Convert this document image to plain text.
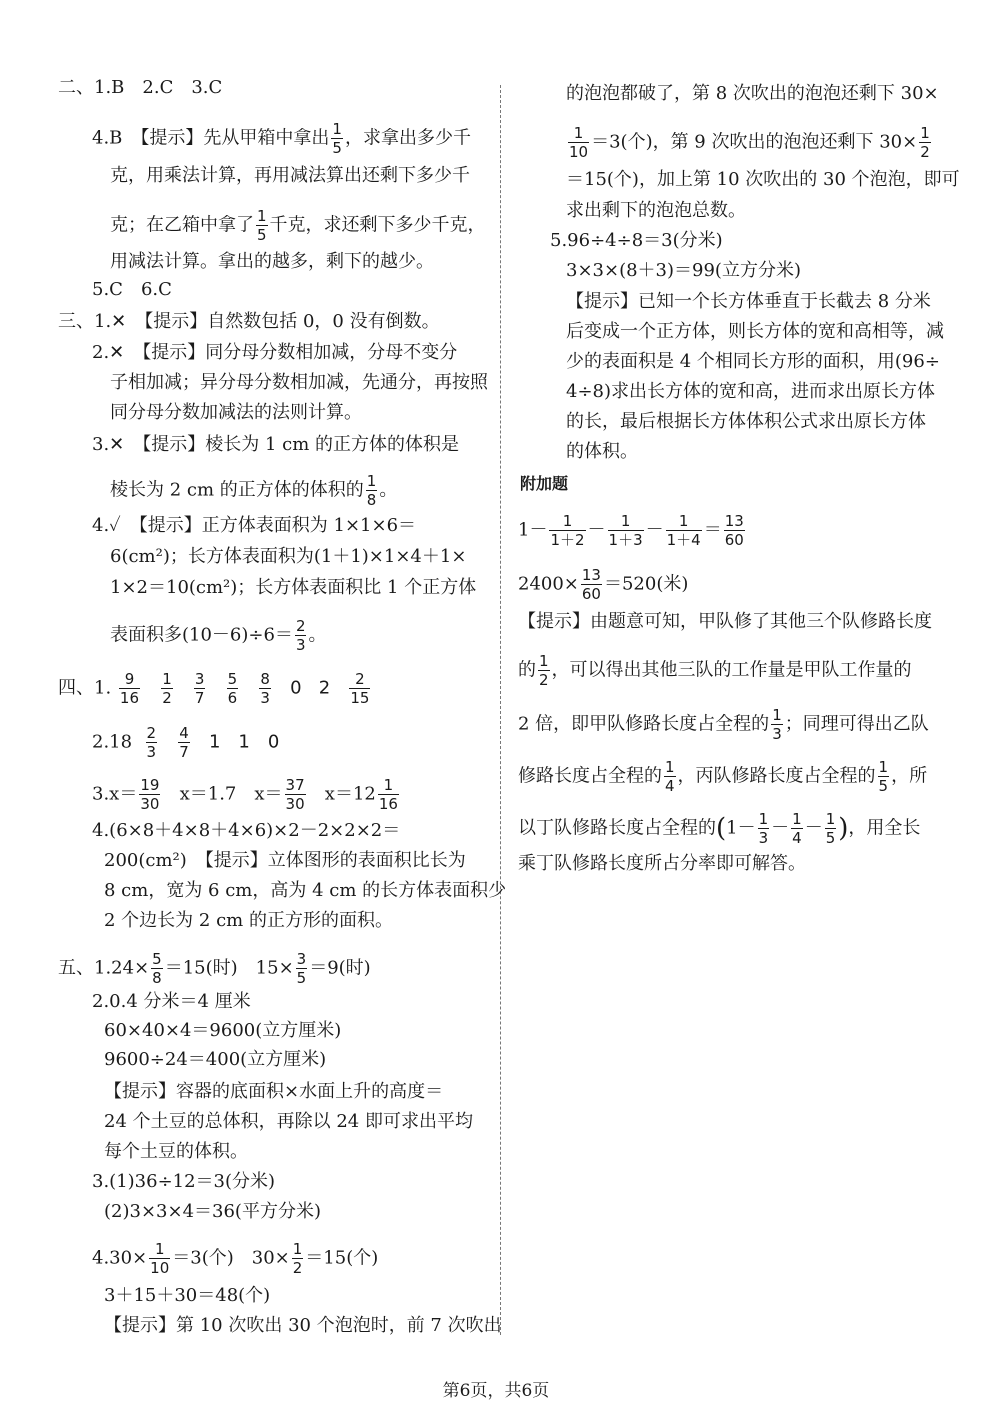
二、1.B　2.C　3.C
4.B　【提示】先从甲箱中拿出 $\frac{1}{5}$ ，求拿出多少千
克，用乘法计算，再用减法算出还剩下多少千
克；在乙箱中拿了 $\frac{1}{5}$ 千克，求还剩下多少千克，
用减法计算。拿出的越多，剩下的越少。
5.C　6.C
三、1.✕　【提示】自然数包括 0，0 没有倒数。
2.✕　【提示】同分母分数相加减，分母不变分
子相加减；异分母分数相加减，先通分，再按照
同分母分数加减法的法则计算。
3.✕　【提示】棱长为 1 cm 的正方体的体积是
棱长为 2 cm 的正方体的体积的 $\frac{1}{8}$ 。
4.✓　【提示】正方体表面积为 1×1×6＝
6(cm²)；长方体表面积为(1＋1)×1×4＋1×
1×2＝10(cm²)；长方体表面积比 1 个正方体
表面积多$(10-6)\div 6= \frac{2}{3}$ 。
四、1. $\frac{9}{16}$
$\frac{1}{2}$
$\frac{3}{7}$
$\frac{5}{6}$
$\frac{8}{3} 0$ $2 \frac{2}{15}$
$2.18 \frac{2}{3}$
$\frac{4}{7} 1$　1　0
$3.x= \frac{19}{30} x=1.7$　$x= \frac{37}{30} x=12 \frac{1}{16}$
4.(6×8＋4×8＋4×6)×2－2×2×2＝
200(cm²)　【提示】立体图形的表面积比长为
8 cm，宽为 6 cm，高为 4 cm 的长方体表面积少
2 个边长为 2 cm 的正方形的面积。
五、$1.24\times \frac{5}{8} =15$(时)　$15\times \frac{3}{5} =9$(时)
2.0.4 分米＝4 厘米
60×40×4＝9600(立方厘米)
9600÷24＝400(立方厘米)
【提示】容器的底面积×水面上升的高度＝
24 个土豆的总体积，再除以 24 即可求出平均
每个土豆的体积。
3.(1)36÷12＝3(分米)
(2)3×3×4＝36(平方分米)
$4.30\times \frac{1}{10} =3$(个)　$30\times \frac{1}{2} =15$(个)
3＋15＋30＝48(个)
【提示】第 10 次吹出 30 个泡泡时，前 7 次吹出
的泡泡都破了，第 8 次吹出的泡泡还剩下 30×
$\frac{1}{10} =3$(个)，第 9 次吹出的泡泡还剩下 $30\times \frac{1}{2}$
＝15(个)，加上第 10 次吹出的 30 个泡泡，即可
求出剩下的泡泡总数。
5.96÷4÷8＝3(分米)
3×3×(8＋3)＝99(立方分米)
【提示】已知一个长方体垂直于长截去 8 分米
后变成一个正方体，则长方体的宽和高相等，减
少的表面积是 4 个相同长方形的面积，用(96÷
4÷8)求出长方体的宽和高，进而求出原长方体
的长，最后根据长方体体积公式求出原长方体
的体积。
附加题
$1- \frac{1}{1+2} - \frac{1}{1+3} - \frac{1}{1+4} = \frac{13}{60}$
$2400\times \frac{13}{60} =520$(米)
【提示】由题意可知，甲队修了其他三个队修路长度
的 $\frac{1}{2}$ ，可以得出其他三队的工作量是甲队工作量的
2 倍，即甲队修路长度占全程的 $\frac{1}{3}$ ；同理可得出乙队
修路长度占全程的 $\frac{1}{4}$ ，丙队修路长度占全程的 $\frac{1}{5}$ ，所
以丁队修路长度占全程的($1- \frac{1}{3} - \frac{1}{4} - \frac{1}{5}$ )，用全长
乘丁队修路长度所占分率即可解答。
第6页，共6页
